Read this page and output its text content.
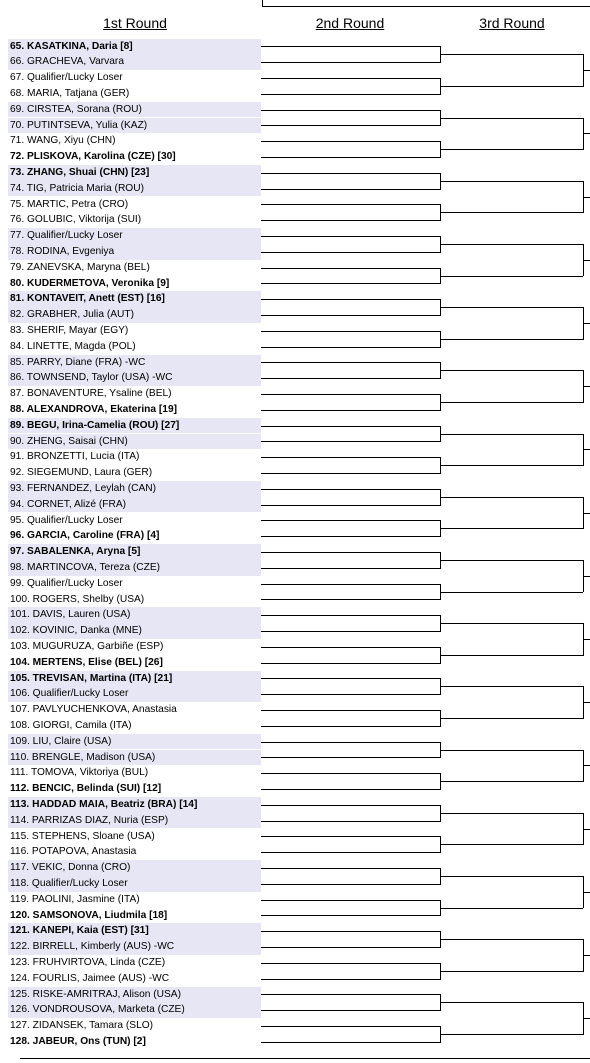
1st Round	2nd Round	3rd Round
65. KASATKINA, Daria [8]
66. GRACHEVA, Varvara
67. Qualifier/Lucky Loser
68. MARIA, Tatjana (GER)
69. CIRSTEA, Sorana (ROU)
70. PUTINTSEVA, Yulia (KAZ)
71. WANG, Xiyu (CHN)
72. PLISKOVA, Karolina (CZE) [30]
73. ZHANG, Shuai (CHN) [23]
74. TIG, Patricia Maria (ROU)
75. MARTIC, Petra (CRO)
76. GOLUBIC, Viktorija (SUI)
77. Qualifier/Lucky Loser
78. RODINA, Evgeniya
79. ZANEVSKA, Maryna (BEL)
80. KUDERMETOVA, Veronika [9]
81. KONTAVEIT, Anett (EST) [16]
82. GRABHER, Julia (AUT)
83. SHERIF, Mayar (EGY)
84. LINETTE, Magda (POL)
85. PARRY, Diane (FRA) -WC
86. TOWNSEND, Taylor (USA) -WC
87. BONAVENTURE, Ysaline (BEL)
88. ALEXANDROVA, Ekaterina [19]
89. BEGU, Irina-Camelia (ROU) [27]
90. ZHENG, Saisai (CHN)
91. BRONZETTI, Lucia (ITA)
92. SIEGEMUND, Laura (GER)
93. FERNANDEZ, Leylah (CAN)
94. CORNET, Alizé (FRA)
95. Qualifier/Lucky Loser
96. GARCIA, Caroline (FRA) [4]
97. SABALENKA, Aryna [5]
98. MARTINCOVA, Tereza (CZE)
99. Qualifier/Lucky Loser
100. ROGERS, Shelby (USA)
101. DAVIS, Lauren (USA)
102. KOVINIC, Danka (MNE)
103. MUGURUZA, Garbiñe (ESP)
104. MERTENS, Elise (BEL) [26]
105. TREVISAN, Martina (ITA) [21]
106. Qualifier/Lucky Loser
107. PAVLYUCHENKOVA, Anastasia
108. GIORGI, Camila (ITA)
109. LIU, Claire (USA)
110. BRENGLE, Madison (USA)
111. TOMOVA, Viktoriya (BUL)
112. BENCIC, Belinda (SUI) [12]
113. HADDAD MAIA, Beatriz (BRA) [14]
114. PARRIZAS DIAZ, Nuria (ESP)
115. STEPHENS, Sloane (USA)
116. POTAPOVA, Anastasia
117. VEKIC, Donna (CRO)
118. Qualifier/Lucky Loser
119. PAOLINI, Jasmine (ITA)
120. SAMSONOVA, Liudmila [18]
121. KANEPI, Kaia (EST) [31]
122. BIRRELL, Kimberly (AUS) -WC
123. FRUHVIRTOVA, Linda (CZE)
124. FOURLIS, Jaimee (AUS) -WC
125. RISKE-AMRITRAJ, Alison (USA)
126. VONDROUSOVA, Marketa (CZE)
127. ZIDANSEK, Tamara (SLO)
128. JABEUR, Ons (TUN) [2]
